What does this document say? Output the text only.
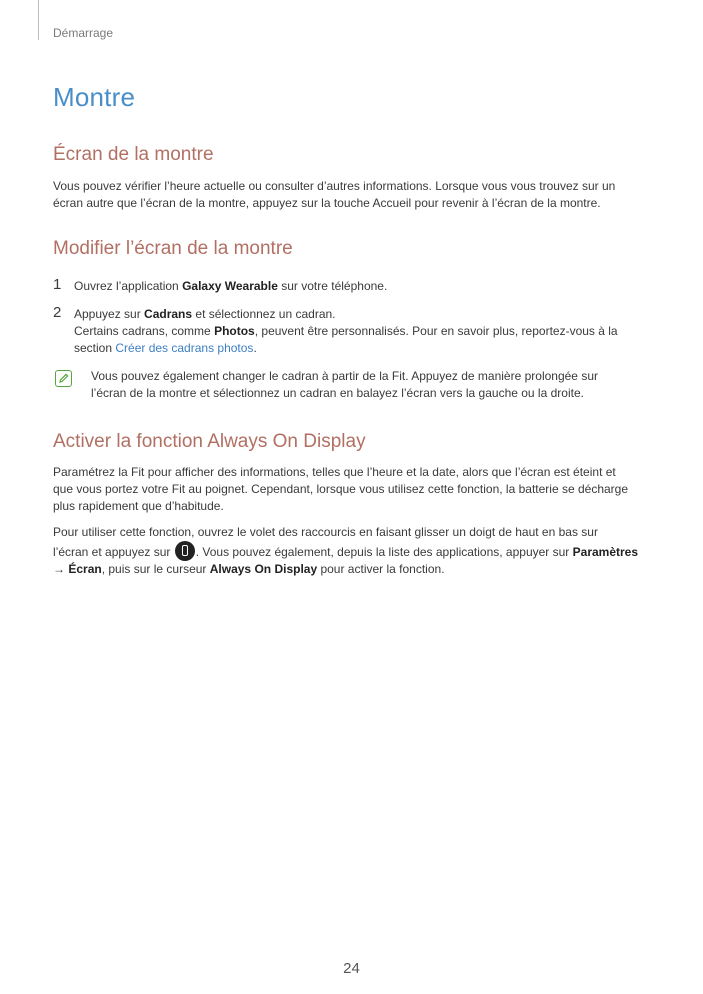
Démarrage
Montre
Écran de la montre
Vous pouvez vérifier l’heure actuelle ou consulter d’autres informations. Lorsque vous vous trouvez sur un
écran autre que l’écran de la montre, appuyez sur la touche Accueil pour revenir à l’écran de la montre.
Modifier l’écran de la montre
1 Ouvrez l’application Galaxy Wearable sur votre téléphone.
2 Appuyez sur Cadrans et sélectionnez un cadran.
Certains cadrans, comme Photos, peuvent être personnalisés. Pour en savoir plus, reportez-vous à la
section Créer des cadrans photos.
Vous pouvez également changer le cadran à partir de la Fit. Appuyez de manière prolongée sur
l’écran de la montre et sélectionnez un cadran en balayez l’écran vers la gauche ou la droite.
Activer la fonction Always On Display
Paramétrez la Fit pour afficher des informations, telles que l’heure et la date, alors que l’écran est éteint et
que vous portez votre Fit au poignet. Cependant, lorsque vous utilisez cette fonction, la batterie se décharge
plus rapidement que d’habitude.
Pour utiliser cette fonction, ouvrez le volet des raccourcis en faisant glisser un doigt de haut en bas sur
l’écran et appuyez sur . Vous pouvez également, depuis la liste des applications, appuyer sur Paramètres
→ Écran, puis sur le curseur Always On Display pour activer la fonction.
24
